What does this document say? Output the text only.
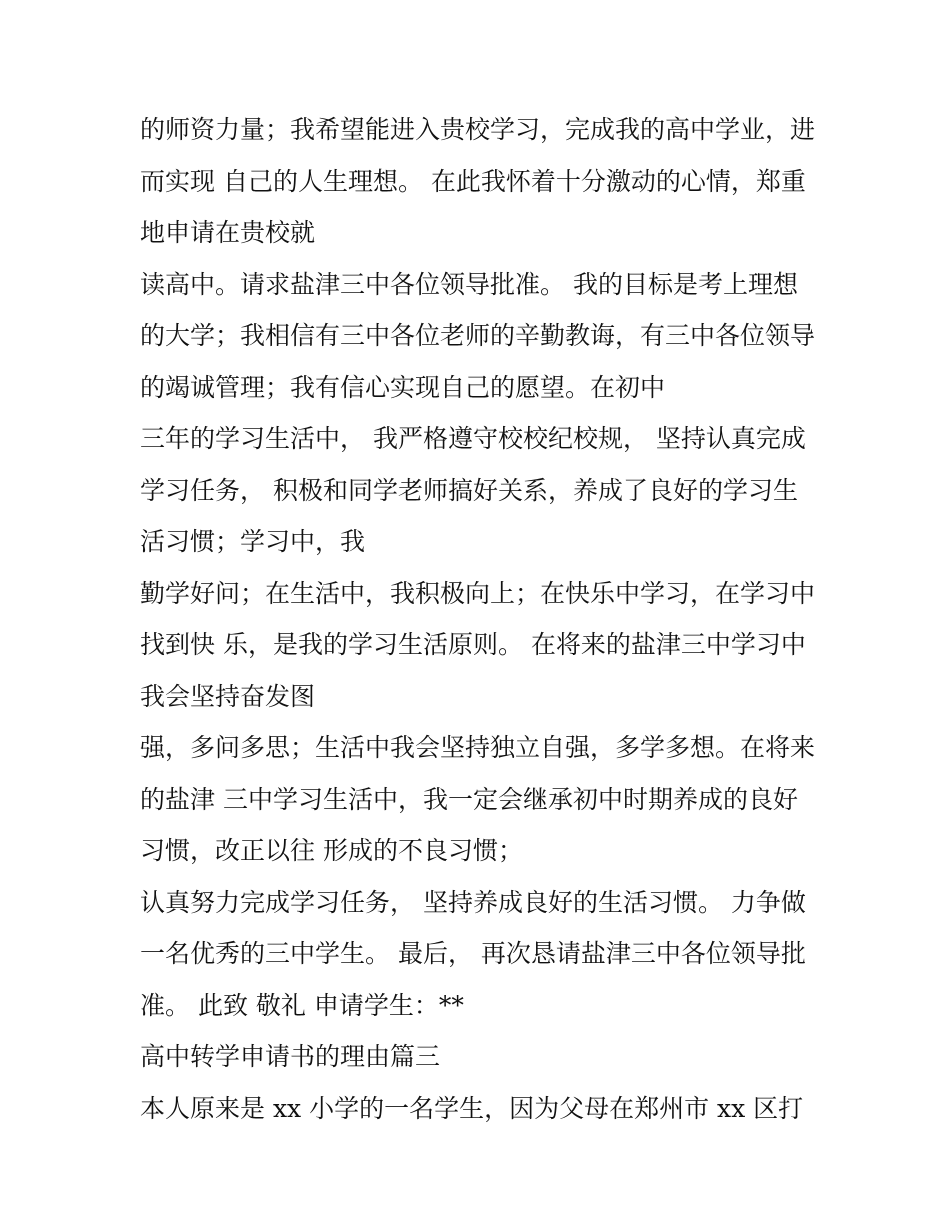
的师资力量；我希望能进入贵校学习，完成我的高中学业，进
而实现 自己的人生理想。 在此我怀着十分激动的心情，郑重
地申请在贵校就
读高中。请求盐津三中各位领导批准。 我的目标是考上理想
的大学；我相信有三中各位老师的辛勤教诲，有三中各位领导
的竭诚管理；我有信心实现自己的愿望。在初中
三年的学习生活中， 我严格遵守校校纪校规， 坚持认真完成
学习任务， 积极和同学老师搞好关系，养成了良好的学习生
活习惯；学习中，我
勤学好问；在生活中，我积极向上；在快乐中学习，在学习中
找到快 乐，是我的学习生活原则。 在将来的盐津三中学习中
我会坚持奋发图
强，多问多思；生活中我会坚持独立自强，多学多想。在将来
的盐津 三中学习生活中，我一定会继承初中时期养成的良好
习惯，改正以往 形成的不良习惯；
认真努力完成学习任务， 坚持养成良好的生活习惯。 力争做
一名优秀的三中学生。 最后， 再次恳请盐津三中各位领导批
准。 此致 敬礼 申请学生：**
高中转学申请书的理由篇三
本人原来是 xx 小学的一名学生，因为父母在郑州市 xx 区打
